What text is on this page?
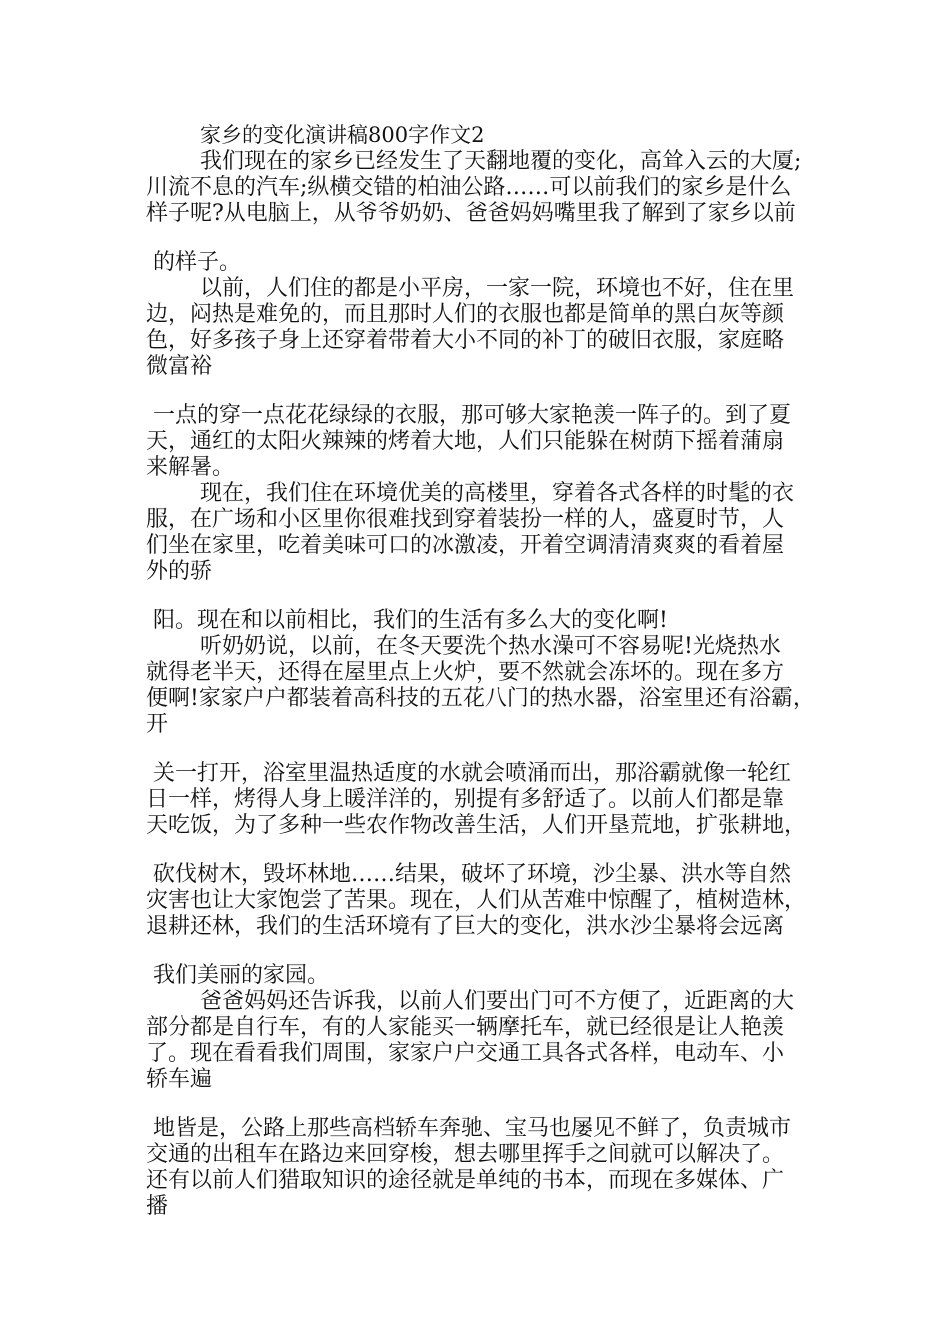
家乡的变化演讲稿800字作文2
我们现在的家乡已经发生了天翻地覆的变化，高耸入云的大厦;
川流不息的汽车;纵横交错的柏油公路……可以前我们的家乡是什么
样子呢?从电脑上，从爷爷奶奶、爸爸妈妈嘴里我了解到了家乡以前
的样子。
以前，人们住的都是小平房，一家一院，环境也不好，住在里
边，闷热是难免的，而且那时人们的衣服也都是简单的黑白灰等颜
色，好多孩子身上还穿着带着大小不同的补丁的破旧衣服，家庭略
微富裕
一点的穿一点花花绿绿的衣服，那可够大家艳羡一阵子的。到了夏
天，通红的太阳火辣辣的烤着大地，人们只能躲在树荫下摇着蒲扇
来解暑。
现在，我们住在环境优美的高楼里，穿着各式各样的时髦的衣
服，在广场和小区里你很难找到穿着装扮一样的人，盛夏时节，人
们坐在家里，吃着美味可口的冰激凌，开着空调清清爽爽的看着屋
外的骄
阳。现在和以前相比，我们的生活有多么大的变化啊!
听奶奶说，以前，在冬天要洗个热水澡可不容易呢!光烧热水
就得老半天，还得在屋里点上火炉，要不然就会冻坏的。现在多方
便啊!家家户户都装着高科技的五花八门的热水器，浴室里还有浴霸，
开
关一打开，浴室里温热适度的水就会喷涌而出，那浴霸就像一轮红
日一样，烤得人身上暖洋洋的，别提有多舒适了。以前人们都是靠
天吃饭，为了多种一些农作物改善生活，人们开垦荒地，扩张耕地，
砍伐树木，毁坏林地……结果，破坏了环境，沙尘暴、洪水等自然
灾害也让大家饱尝了苦果。现在，人们从苦难中惊醒了，植树造林，
退耕还林，我们的生活环境有了巨大的变化，洪水沙尘暴将会远离
我们美丽的家园。
爸爸妈妈还告诉我，以前人们要出门可不方便了，近距离的大
部分都是自行车，有的人家能买一辆摩托车，就已经很是让人艳羡
了。现在看看我们周围，家家户户交通工具各式各样，电动车、小
轿车遍
地皆是，公路上那些高档轿车奔驰、宝马也屡见不鲜了，负责城市
交通的出租车在路边来回穿梭，想去哪里挥手之间就可以解决了。
还有以前人们猎取知识的途径就是单纯的书本，而现在多媒体、广
播
